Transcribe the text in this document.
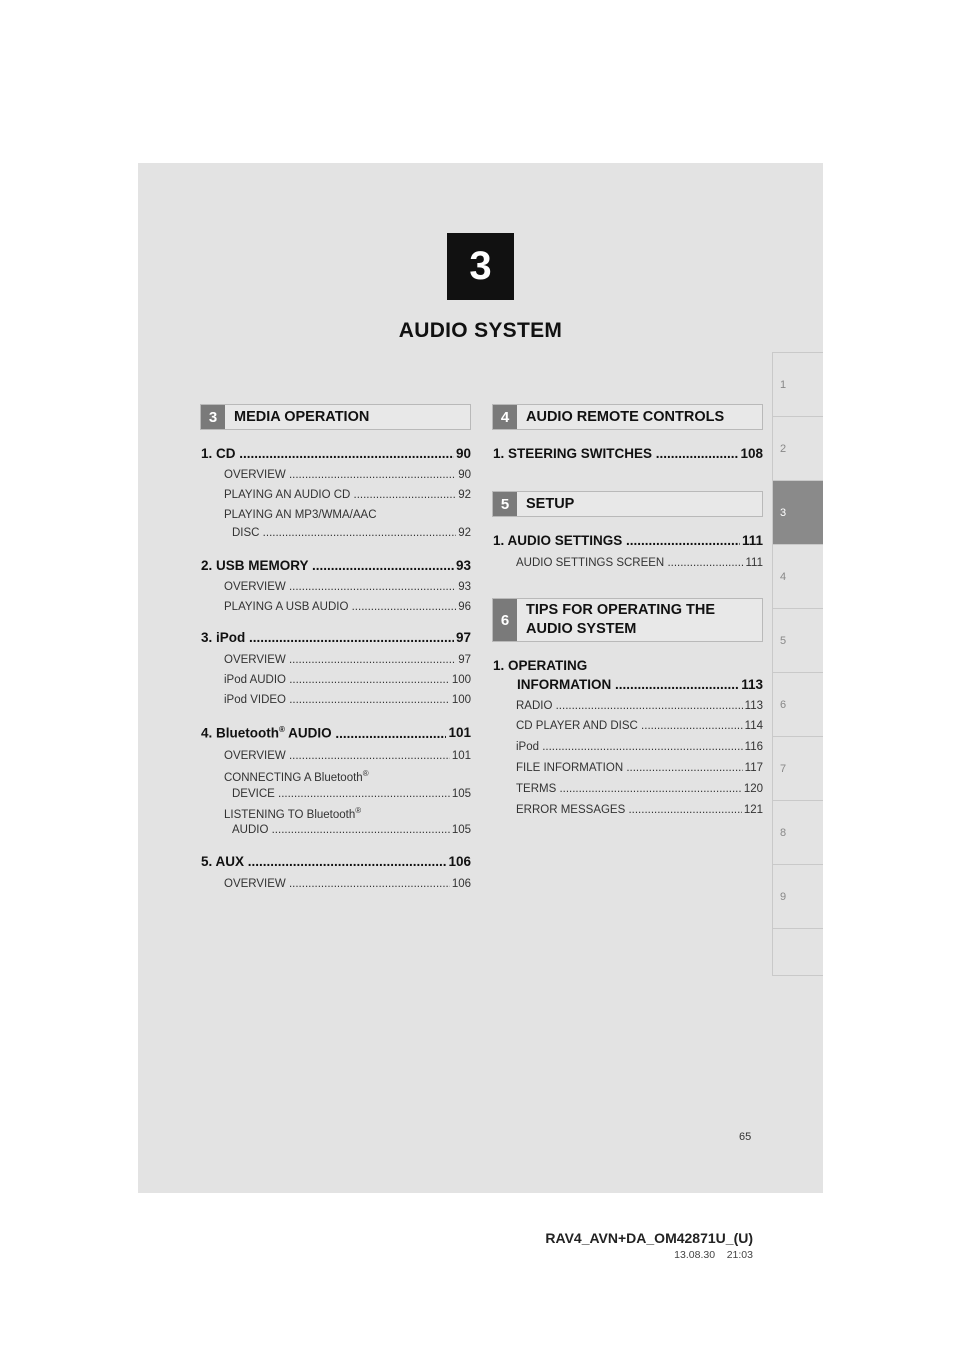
3
AUDIO SYSTEM
1
2
3
4
5
6
7
8
9
3	MEDIA OPERATION
1. CD .....	90
OVERVIEW .....	90
PLAYING AN AUDIO CD .....	92
PLAYING AN MP3/WMA/AAC
DISC .....	92
2. USB MEMORY .....	93
OVERVIEW .....	93
PLAYING A USB AUDIO .....	96
3. iPod .....	97
OVERVIEW .....	97
iPod AUDIO .....	100
iPod VIDEO .....	100
4. Bluetooth® AUDIO .....	101
OVERVIEW .....	101
CONNECTING A Bluetooth®
DEVICE .....	105
LISTENING TO Bluetooth®
AUDIO .....	105
5. AUX .....	106
OVERVIEW .....	106
4	AUDIO REMOTE CONTROLS
1. STEERING SWITCHES .....	108
5	SETUP
1. AUDIO SETTINGS .....	111
AUDIO SETTINGS SCREEN .....	111
6
TIPS FOR OPERATING THE
AUDIO SYSTEM
1. OPERATING
INFORMATION .....	113
RADIO .....	113
CD PLAYER AND DISC .....	114
iPod .....	116
FILE INFORMATION .....	117
TERMS .....	120
ERROR MESSAGES .....	121
65
RAV4_AVN+DA_OM42871U_(U)
13.08.30    21:03
